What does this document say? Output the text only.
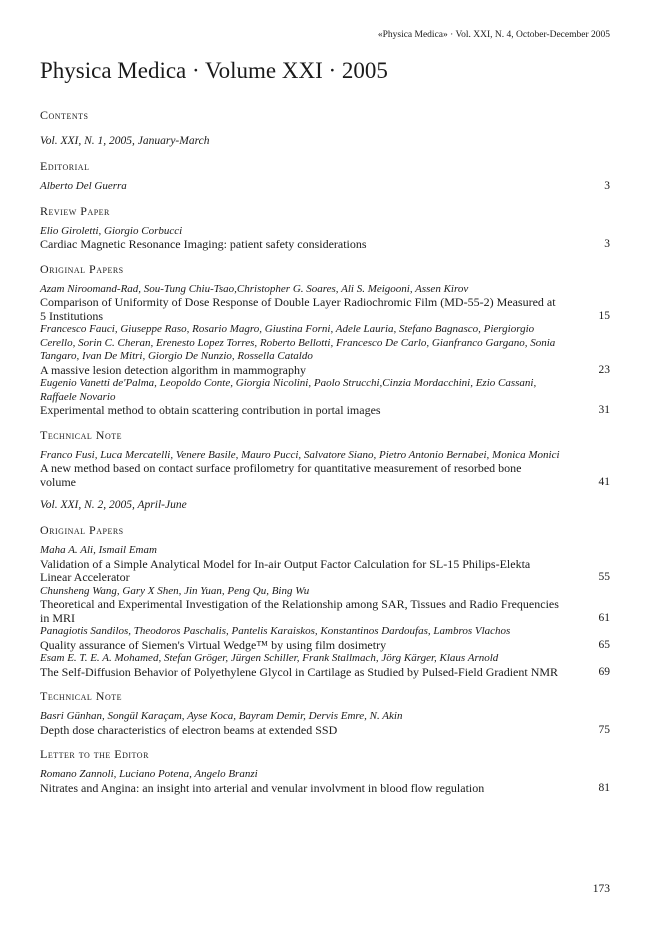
«Physica Medica» · Vol. XXI, N. 4, October-December 2005
Physica Medica · Volume XXI · 2005
Contents
Vol. XXI, N. 1, 2005, January-March
Editorial
Alberto Del Guerra	3
Review Paper
Elio Giroletti, Giorgio Corbucci
Cardiac Magnetic Resonance Imaging: patient safety considerations	3
Original Papers
Azam Niroomand-Rad, Sou-Tung Chiu-Tsao,Christopher G. Soares, Ali S. Meigooni, Assen Kirov
Comparison of Uniformity of Dose Response of Double Layer Radiochromic Film (MD-55-2) Measured at 5 Institutions	15
Francesco Fauci, Giuseppe Raso, Rosario Magro, Giustina Forni, Adele Lauria, Stefano Bagnasco, Piergiorgio Cerello, Sorin C. Cheran, Erenesto Lopez Torres, Roberto Bellotti, Francesco De Carlo, Gianfranco Gargano, Sonia Tangaro, Ivan De Mitri, Giorgio De Nunzio, Rossella Cataldo
A massive lesion detection algorithm in mammography	23
Eugenio Vanetti de'Palma, Leopoldo Conte, Giorgia Nicolini, Paolo Strucchi,Cinzia Mordacchini, Ezio Cassani, Raffaele Novario
Experimental method to obtain scattering contribution in portal images	31
Technical Note
Franco Fusi, Luca Mercatelli, Venere Basile, Mauro Pucci, Salvatore Siano, Pietro Antonio Bernabei, Monica Monici
A new method based on contact surface profilometry for quantitative measurement of resorbed bone volume	41
Vol. XXI, N. 2, 2005, April-June
Original Papers
Maha A. Ali, Ismail Emam
Validation of a Simple Analytical Model for In-air Output Factor Calculation for SL-15 Philips-Elekta Linear Accelerator	55
Chunsheng Wang, Gary X Shen, Jin Yuan, Peng Qu, Bing Wu
Theoretical and Experimental Investigation of the Relationship among SAR, Tissues and Radio Frequencies in MRI	61
Panagiotis Sandilos, Theodoros Paschalis, Pantelis Karaiskos, Konstantinos Dardoufas, Lambros Vlachos
Quality assurance of Siemen's Virtual Wedge™ by using film dosimetry	65
Esam E. T. E. A. Mohamed, Stefan Gröger, Jürgen Schiller, Frank Stallmach, Jörg Kärger, Klaus Arnold
The Self-Diffusion Behavior of Polyethylene Glycol in Cartilage as Studied by Pulsed-Field Gradient NMR	69
Technical Note
Basri Günhan, Songül Karaçam, Ayse Koca, Bayram Demir, Dervis Emre, N. Akin
Depth dose characteristics of electron beams at extended SSD	75
Letter to the Editor
Romano Zannoli, Luciano Potena, Angelo Branzi
Nitrates and Angina: an insight into arterial and venular involvment in blood flow regulation	81
173
